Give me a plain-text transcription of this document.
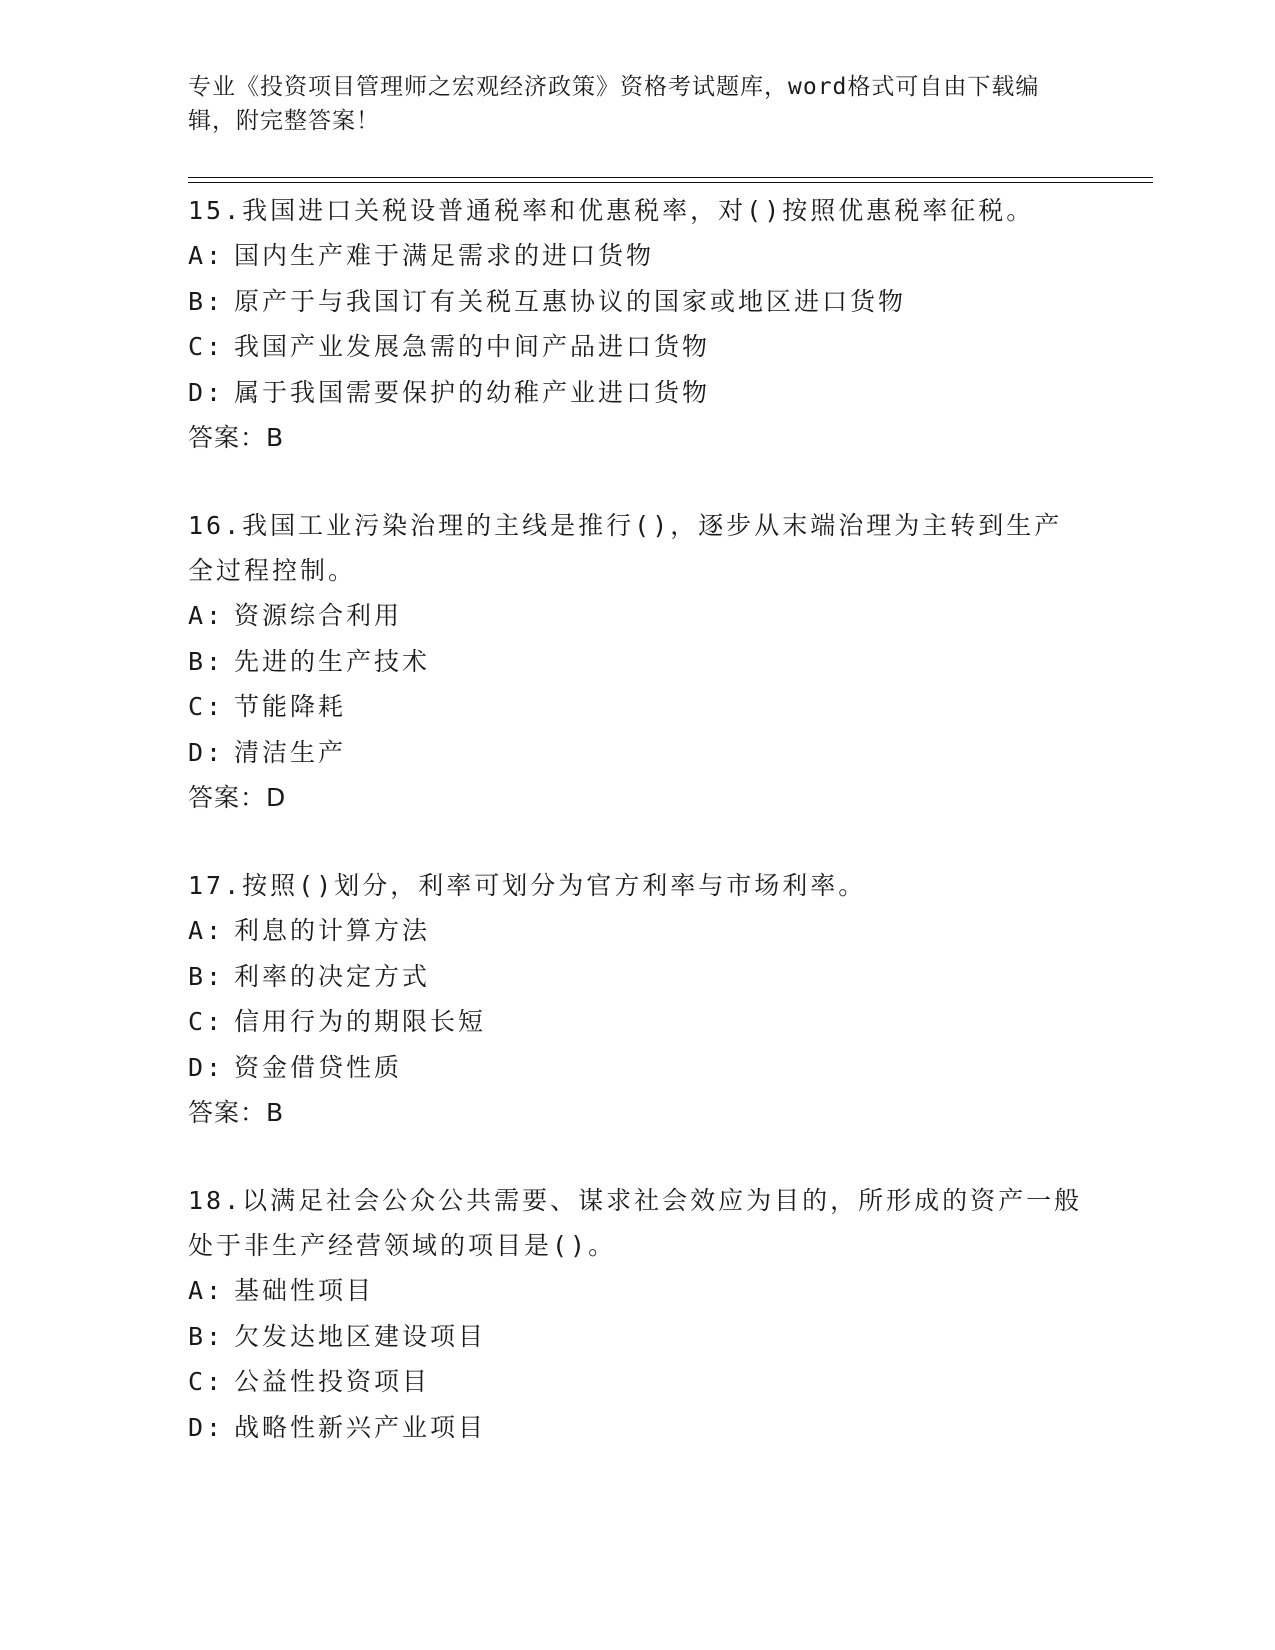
专业《投资项目管理师之宏观经济政策》资格考试题库，word格式可自由下载编辑，附完整答案！

15.我国进口关税设普通税率和优惠税率，对()按照优惠税率征税。

A: 国内生产难于满足需求的进口货物
B: 原产于与我国订有关税互惠协议的国家或地区进口货物
C: 我国产业发展急需的中间产品进口货物
D: 属于我国需要保护的幼稚产业进口货物
答案：B

16.我国工业污染治理的主线是推行()，逐步从末端治理为主转到生产全过程控制。

A: 资源综合利用
B: 先进的生产技术
C: 节能降耗
D: 清洁生产
答案：D

17.按照()划分，利率可划分为官方利率与市场利率。

A: 利息的计算方法
B: 利率的决定方式
C: 信用行为的期限长短
D: 资金借贷性质
答案：B

18.以满足社会公众公共需要、谋求社会效应为目的，所形成的资产一般处于非生产经营领域的项目是()。

A: 基础性项目
B: 欠发达地区建设项目
C: 公益性投资项目
D: 战略性新兴产业项目
